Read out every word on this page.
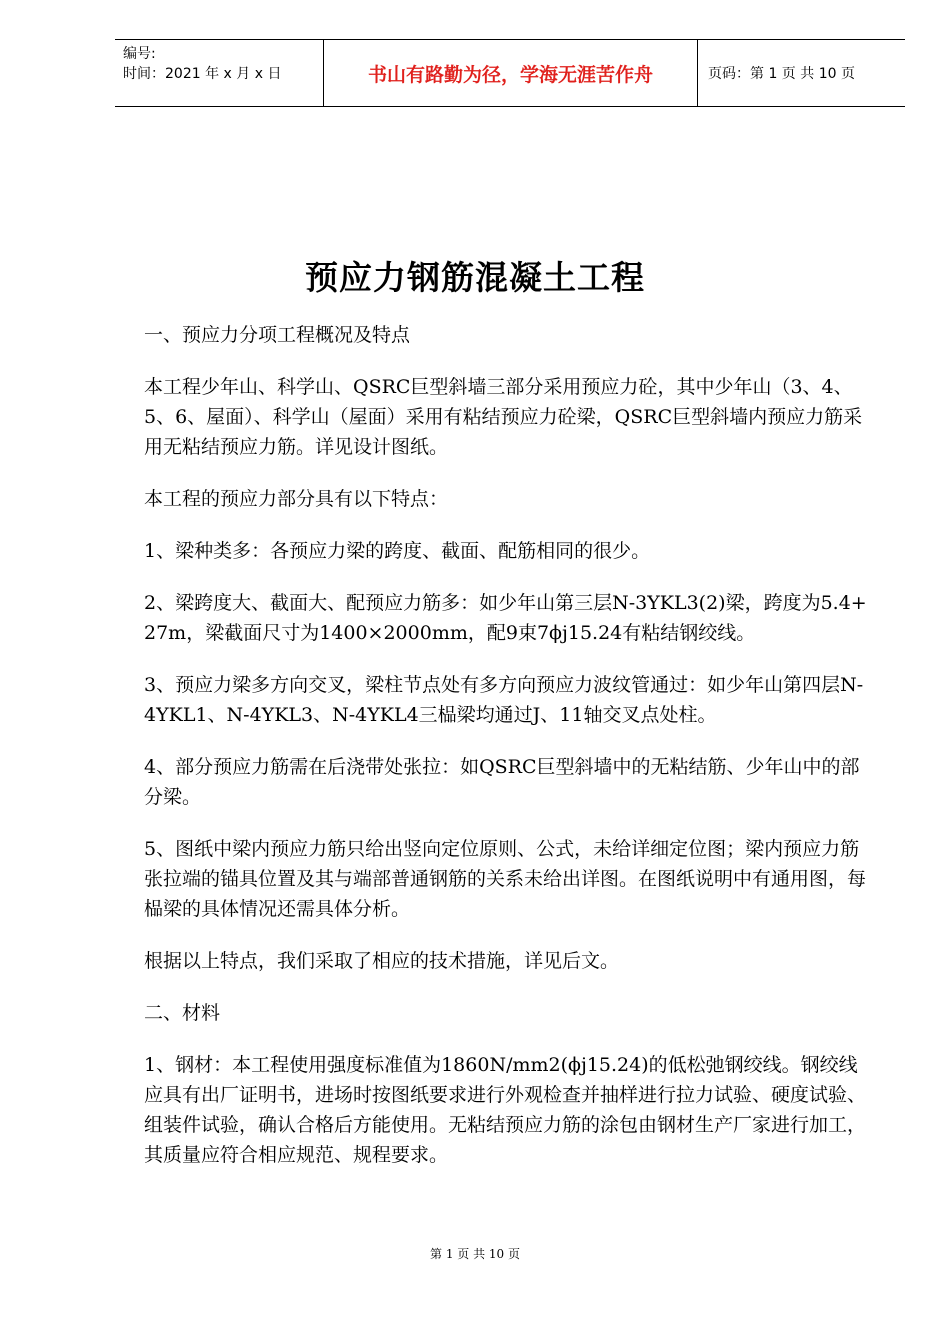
编号:
时间：2021 年 x 月 x 日	书山有路勤为径，学海无涯苦作舟	页码：第 1 页 共 10 页
预应力钢筋混凝土工程

一、预应力分项工程概况及特点

本工程少年山、科学山、QSRC巨型斜墙三部分采用预应力砼，其中少年山（3、4、5、6、屋面）、科学山（屋面）采用有粘结预应力砼梁，QSRC巨型斜墙内预应力筋采用无粘结预应力筋。详见设计图纸。

本工程的预应力部分具有以下特点：

1、梁种类多：各预应力梁的跨度、截面、配筋相同的很少。

2、梁跨度大、截面大、配预应力筋多：如少年山第三层N-3YKL3(2)梁，跨度为5.4+27m，梁截面尺寸为1400×2000mm，配9束7ϕj15.24有粘结钢绞线。

3、预应力梁多方向交叉，梁柱节点处有多方向预应力波纹管通过：如少年山第四层N-4YKL1、N-4YKL3、N-4YKL4三榀梁均通过J、11轴交叉点处柱。

4、部分预应力筋需在后浇带处张拉：如QSRC巨型斜墙中的无粘结筋、少年山中的部分梁。

5、图纸中梁内预应力筋只给出竖向定位原则、公式，未给详细定位图；梁内预应力筋张拉端的锚具位置及其与端部普通钢筋的关系未给出详图。在图纸说明中有通用图，每榀梁的具体情况还需具体分析。

根据以上特点，我们采取了相应的技术措施，详见后文。

二、材料

1、钢材：本工程使用强度标准值为1860N/mm2(ϕj15.24)的低松弛钢绞线。钢绞线应具有出厂证明书，进场时按图纸要求进行外观检查并抽样进行拉力试验、硬度试验、组装件试验，确认合格后方能使用。无粘结预应力筋的涂包由钢材生产厂家进行加工，其质量应符合相应规范、规程要求。

第 1 页 共 10 页
